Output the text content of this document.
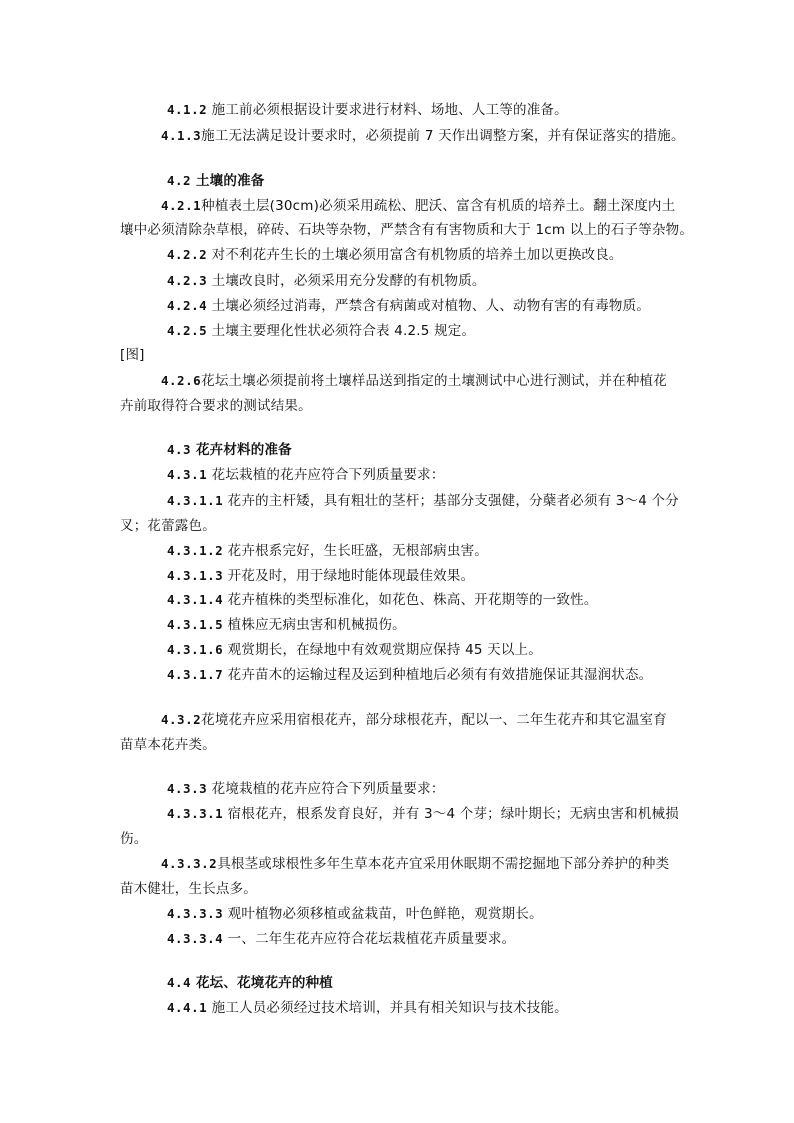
4.1.2 施工前必须根据设计要求进行材料、场地、人工等的准备。
4.1.3施工无法满足设计要求时，必须提前 7 天作出调整方案，并有保证落实的措施。
4.2 土壤的准备
4.2.1种植表土层(30cm)必须采用疏松、肥沃、富含有机质的培养土。翻土深度内土
壤中必须清除杂草根，碎砖、石块等杂物，严禁含有有害物质和大于 1cm 以上的石子等杂物。
4.2.2 对不利花卉生长的土壤必须用富含有机物质的培养土加以更换改良。
4.2.3 土壤改良时，必须采用充分发酵的有机物质。
4.2.4 土壤必须经过消毒，严禁含有病菌或对植物、人、动物有害的有毒物质。
4.2.5 土壤主要理化性状必须符合表 4.2.5 规定。
[图]
4.2.6花坛土壤必须提前将土壤样品送到指定的土壤测试中心进行测试，并在种植花
卉前取得符合要求的测试结果。
4.3 花卉材料的准备
4.3.1 花坛栽植的花卉应符合下列质量要求：
4.3.1.1 花卉的主杆矮，具有粗壮的茎杆；基部分支强健，分蘖者必须有 3～4 个分
叉；花蕾露色。
4.3.1.2 花卉根系完好，生长旺盛，无根部病虫害。
4.3.1.3 开花及时，用于绿地时能体现最佳效果。
4.3.1.4 花卉植株的类型标准化，如花色、株高、开花期等的一致性。
4.3.1.5 植株应无病虫害和机械损伤。
4.3.1.6 观赏期长，在绿地中有效观赏期应保持 45 天以上。
4.3.1.7 花卉苗木的运输过程及运到种植地后必须有有效措施保证其湿润状态。
4.3.2花境花卉应采用宿根花卉，部分球根花卉，配以一、二年生花卉和其它温室育
苗草本花卉类。
4.3.3 花境栽植的花卉应符合下列质量要求：
4.3.3.1 宿根花卉，根系发育良好，并有 3～4 个芽；绿叶期长；无病虫害和机械损
伤。
4.3.3.2具根茎或球根性多年生草本花卉宜采用休眠期不需挖掘地下部分养护的种类
苗木健壮，生长点多。
4.3.3.3 观叶植物必须移植或盆栽苗，叶色鲜艳，观赏期长。
4.3.3.4 一、二年生花卉应符合花坛栽植花卉质量要求。
4.4 花坛、花境花卉的种植
4.4.1 施工人员必须经过技术培训，并具有相关知识与技术技能。
